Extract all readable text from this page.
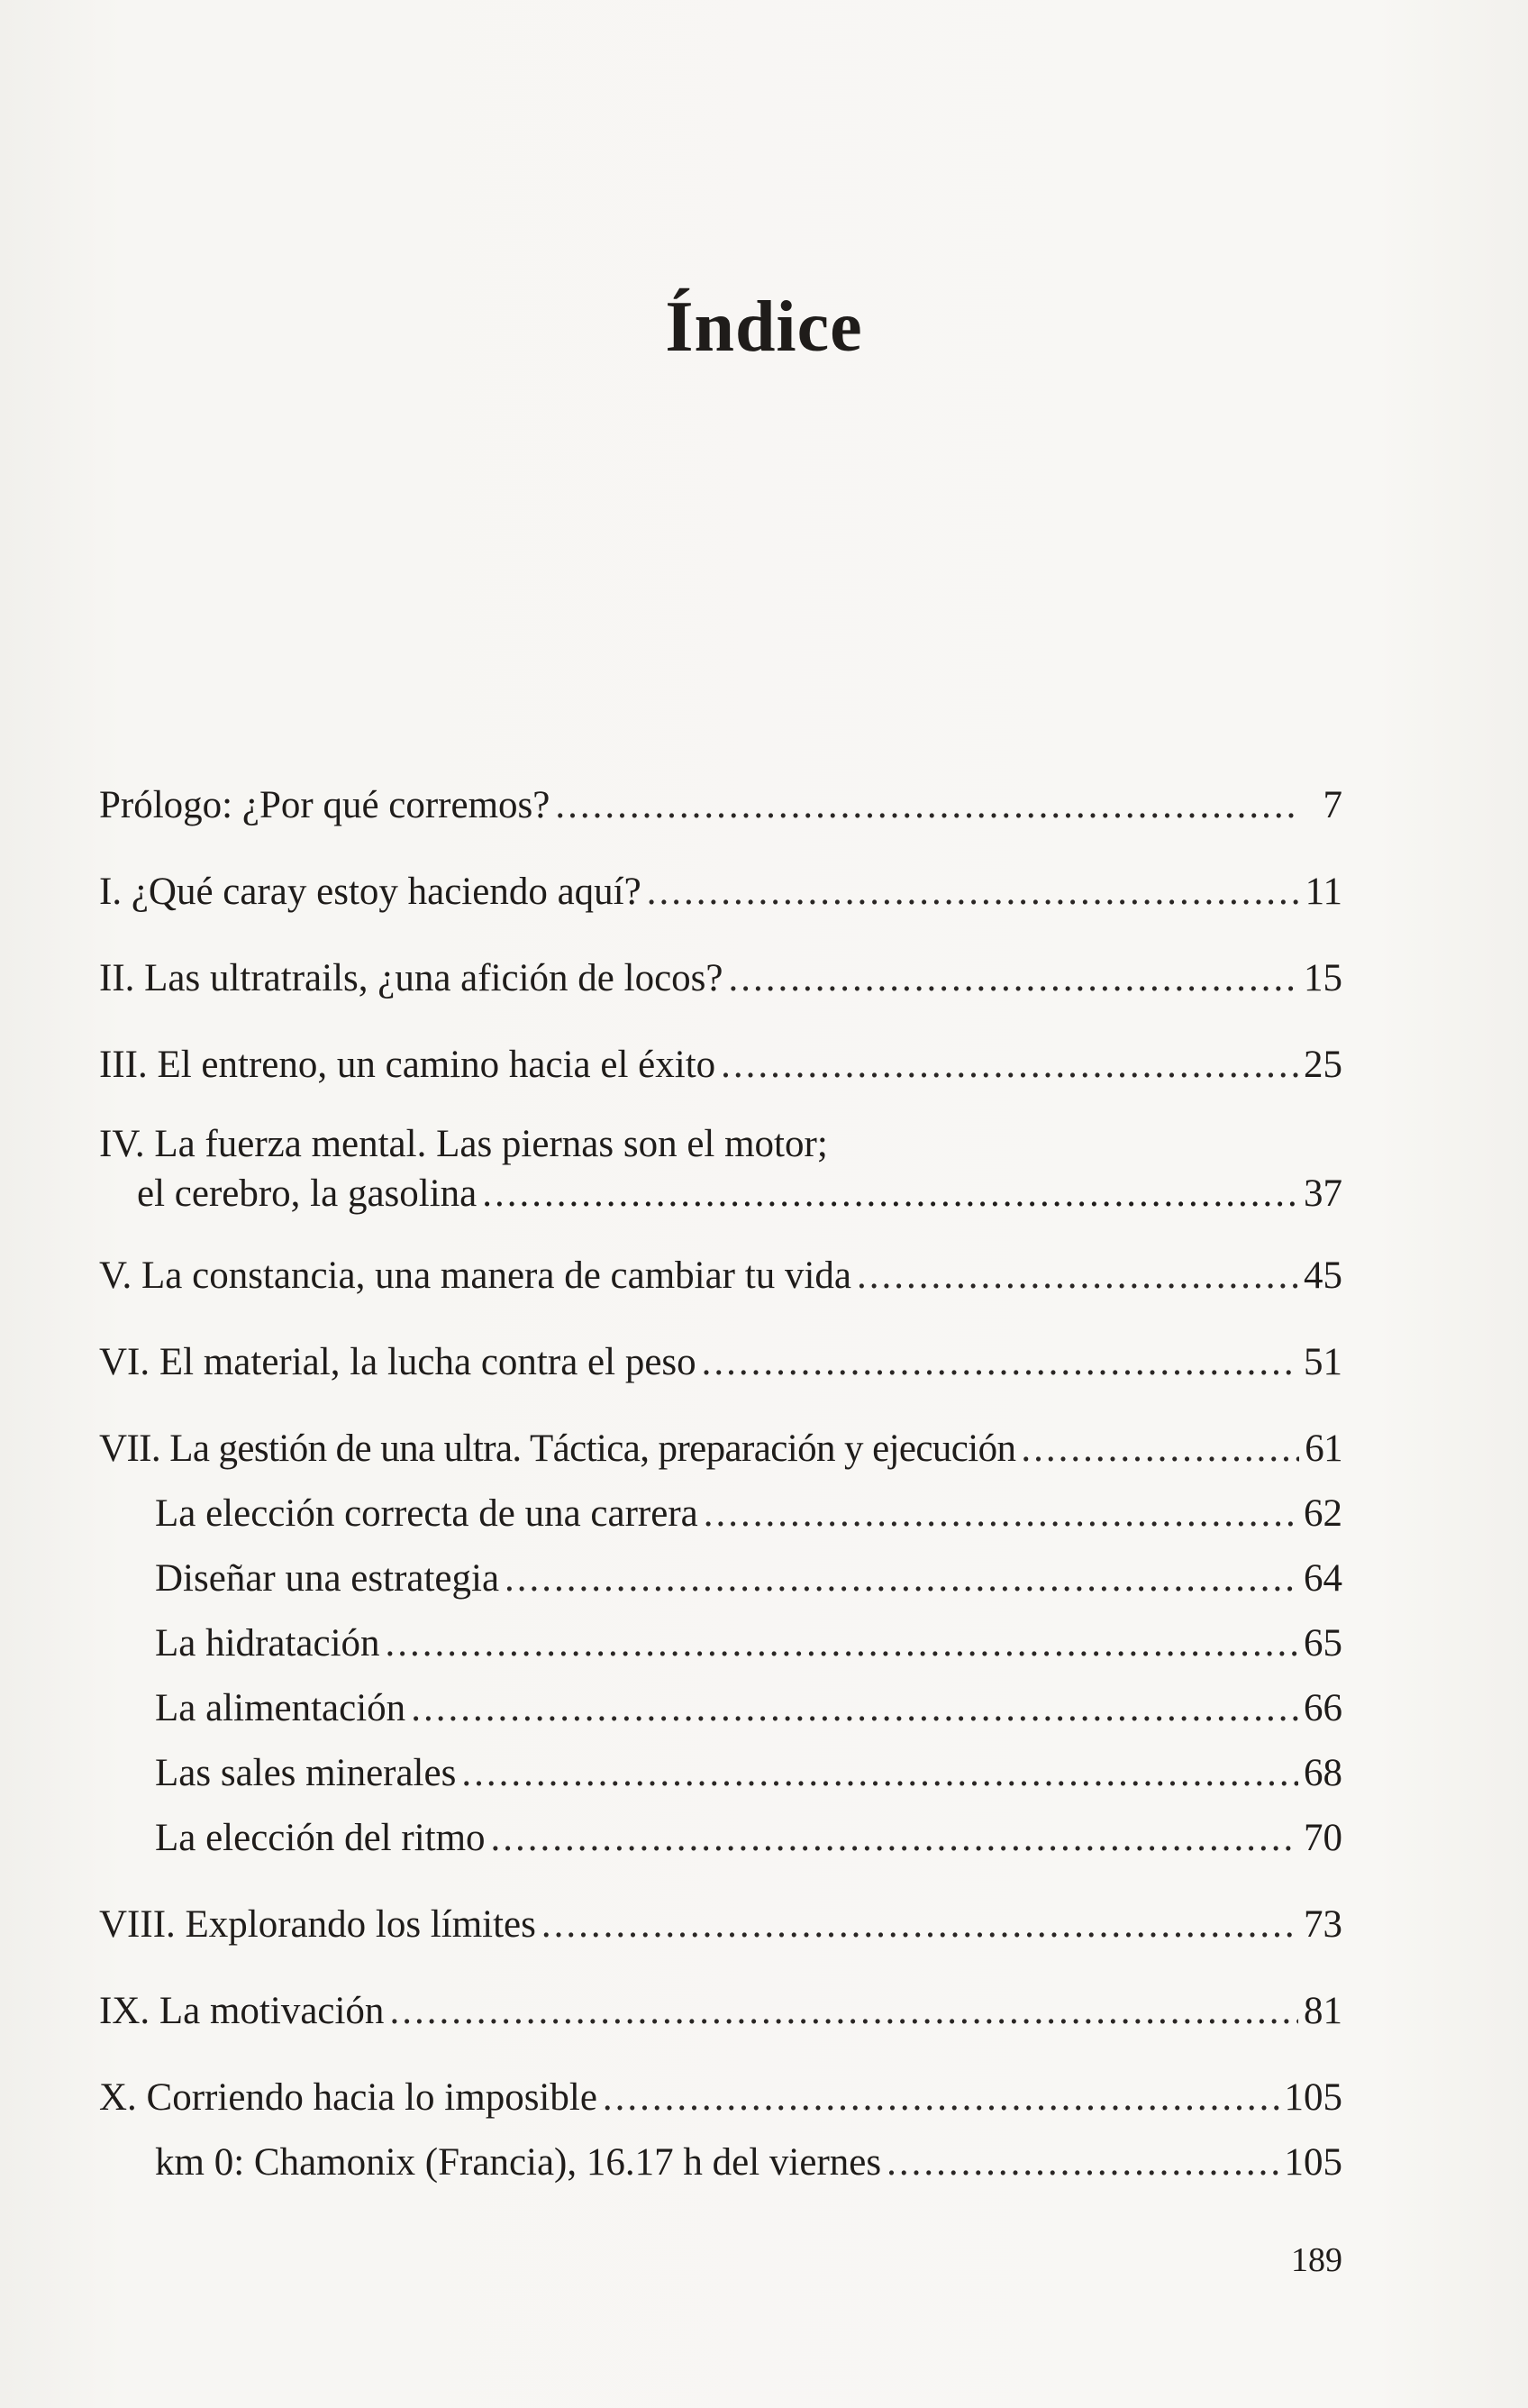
Índice
Prólogo: ¿Por qué corremos? .....	7
I. ¿Qué caray estoy haciendo aquí? .....	11
II. Las ultratrails, ¿una afición de locos? .....	15
III. El entreno, un camino hacia el éxito .....	25
IV. La fuerza mental. Las piernas son el motor;
el cerebro, la gasolina .....	37
V. La constancia, una manera de cambiar tu vida .....	45
VI. El material, la lucha contra el peso .....	51
VII. La gestión de una ultra. Táctica, preparación y ejecución .....	61
La elección correcta de una carrera .....	62
Diseñar una estrategia .....	64
La hidratación .....	65
La alimentación .....	66
Las sales minerales .....	68
La elección del ritmo .....	70
VIII. Explorando los límites .....	73
IX. La motivación .....	81
X. Corriendo hacia lo imposible .....	105
km 0: Chamonix (Francia), 16.17 h del viernes .....	105
189
